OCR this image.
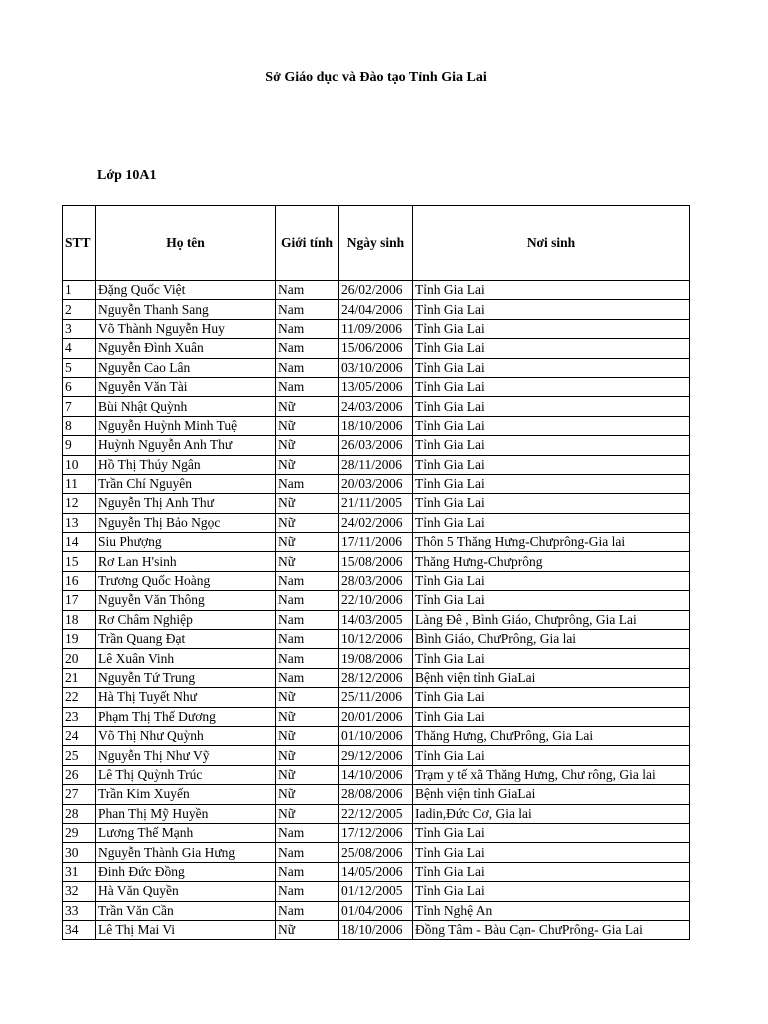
Sở Giáo dục và Đào tạo Tỉnh Gia Lai
Lớp 10A1
STT	Họ tên	Giới tính	Ngày sinh	Nơi sinh
1	Đặng Quốc Việt	Nam	26/02/2006	Tỉnh Gia Lai
2	Nguyễn Thanh Sang	Nam	24/04/2006	Tỉnh Gia Lai
3	Võ Thành Nguyễn Huy	Nam	11/09/2006	Tỉnh Gia Lai
4	Nguyễn Đình Xuân	Nam	15/06/2006	Tỉnh Gia Lai
5	Nguyễn Cao Lân	Nam	03/10/2006	Tỉnh Gia Lai
6	Nguyễn Văn Tài	Nam	13/05/2006	Tỉnh Gia Lai
7	Bùi Nhật Quỳnh	Nữ	24/03/2006	Tỉnh Gia Lai
8	Nguyễn Huỳnh Minh Tuệ	Nữ	18/10/2006	Tỉnh Gia Lai
9	Huỳnh Nguyễn Anh Thư	Nữ	26/03/2006	Tỉnh Gia Lai
10	Hồ Thị Thúy Ngân	Nữ	28/11/2006	Tỉnh Gia Lai
11	Trần Chí Nguyên	Nam	20/03/2006	Tỉnh Gia Lai
12	Nguyễn Thị Anh Thư	Nữ	21/11/2005	Tỉnh Gia Lai
13	Nguyễn Thị Bảo Ngọc	Nữ	24/02/2006	Tỉnh Gia Lai
14	Siu Phượng	Nữ	17/11/2006	Thôn 5 Thăng Hưng-Chưprông-Gia lai
15	Rơ Lan H'sinh	Nữ	15/08/2006	Thăng Hưng-Chưprông
16	Trương Quốc Hoàng	Nam	28/03/2006	Tỉnh Gia Lai
17	Nguyễn Văn Thông	Nam	22/10/2006	Tỉnh Gia Lai
18	Rơ Châm Nghiệp	Nam	14/03/2005	Làng Đê , Bình Giáo, Chưprông, Gia Lai
19	Trần Quang Đạt	Nam	10/12/2006	Bình Giáo, ChưPrông, Gia lai
20	Lê Xuân Vinh	Nam	19/08/2006	Tỉnh Gia Lai
21	Nguyễn Tứ Trung	Nam	28/12/2006	Bệnh viện tỉnh GiaLai
22	Hà Thị Tuyết Như	Nữ	25/11/2006	Tỉnh Gia Lai
23	Phạm Thị Thế Dương	Nữ	20/01/2006	Tỉnh Gia Lai
24	Võ Thị Như Quỳnh	Nữ	01/10/2006	Thăng Hưng, ChưPrông, Gia Lai
25	Nguyễn Thị Như Vỹ	Nữ	29/12/2006	Tỉnh Gia Lai
26	Lê Thị Quỳnh Trúc	Nữ	14/10/2006	Trạm y tế xã Thăng Hưng, Chư rông, Gia lai
27	Trần Kim Xuyến	Nữ	28/08/2006	Bệnh viện tỉnh GiaLai
28	Phan Thị Mỹ Huyền	Nữ	22/12/2005	Iadin,Đức Cơ, Gia lai
29	Lương Thế Mạnh	Nam	17/12/2006	Tỉnh Gia Lai
30	Nguyễn Thành Gia Hưng	Nam	25/08/2006	Tỉnh Gia Lai
31	Đinh Đức Đồng	Nam	14/05/2006	Tỉnh Gia Lai
32	Hà Văn Quyền	Nam	01/12/2005	Tỉnh Gia Lai
33	Trần Văn Cần	Nam	01/04/2006	Tỉnh Nghệ An
34	Lê Thị Mai Vi	Nữ	18/10/2006	Đồng Tâm - Bàu Cạn- ChưPrông- Gia Lai
